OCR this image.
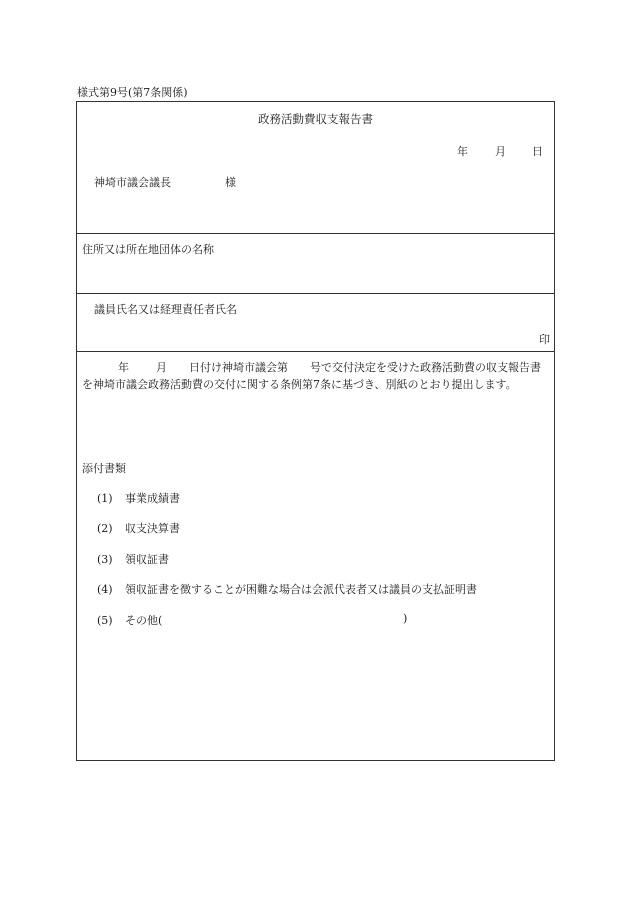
様式第9号(第7条関係)
政務活動費収支報告書
年 月 日
神埼市議会議長	様
住所又は所在地団体の名称
議員氏名又は経理責任者氏名
印
年 月 日付け神埼市議会第 号で交付決定を受けた政務活動費の収支報告書を神埼市議会政務活動費の交付に関する条例第7条に基づき、別紙のとおり提出します。
添付書類
(1) 事業成績書
(2) 収支決算書
(3) 領収証書
(4) 領収証書を徴することが困難な場合は会派代表者又は議員の支払証明書
(5) その他(	)
